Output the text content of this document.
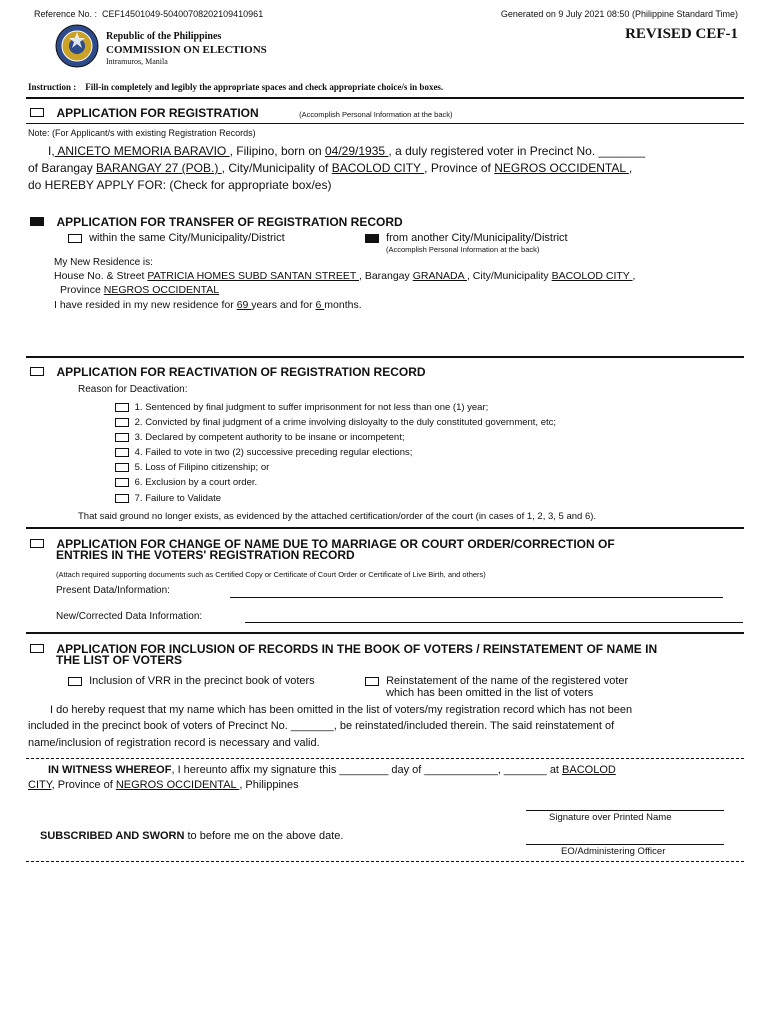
Reference No. : CEF14501049-50400708202109410961	Generated on 9 July 2021 08:50 (Philippine Standard Time)
Republic of the Philippines
COMMISSION ON ELECTIONS
Intramuros, Manila
REVISED CEF-1
Instruction : Fill-in completely and legibly the appropriate spaces and check appropriate choice/s in boxes.
APPLICATION FOR REGISTRATION	(Accomplish Personal Information at the back)
Note: (For Applicant/s with existing Registration Records)
I, ANICETO MEMORIA BARAVIO , Filipino, born on 04/29/1935 , a duly registered voter in Precinct No. _______
of Barangay BARANGAY 27 (POB.) , City/Municipality of BACOLOD CITY , Province of NEGROS OCCIDENTAL ,
do HEREBY APPLY FOR: (Check for appropriate box/es)
APPLICATION FOR TRANSFER OF REGISTRATION RECORD
within the same City/Municipality/District	from another City/Municipality/District
(Accomplish Personal Information at the back)
My New Residence is:
House No. & Street PATRICIA HOMES SUBD SANTAN STREET , Barangay GRANADA , City/Municipality BACOLOD CITY ,
Province NEGROS OCCIDENTAL
I have resided in my new residence for 69 years and for 6 months.
APPLICATION FOR REACTIVATION OF REGISTRATION RECORD
Reason for Deactivation:
1. Sentenced by final judgment to suffer imprisonment for not less than one (1) year;
2. Convicted by final judgment of a crime involving disloyalty to the duly constituted government, etc;
3. Declared by competent authority to be insane or incompetent;
4. Failed to vote in two (2) successive preceding regular elections;
5. Loss of Filipino citizenship; or
6. Exclusion by a court order.
7. Failure to Validate
That said ground no longer exists, as evidenced by the attached certification/order of the court (in cases of 1, 2, 3, 5 and 6).
APPLICATION FOR CHANGE OF NAME DUE TO MARRIAGE OR COURT ORDER/CORRECTION OF
ENTRIES IN THE VOTERS' REGISTRATION RECORD
(Attach required supporting documents such as Certified Copy or Certificate of Court Order or Certificate of Live Birth, and others)
Present Data/Information:
New/Corrected Data Information:
APPLICATION FOR INCLUSION OF RECORDS IN THE BOOK OF VOTERS / REINSTATEMENT OF NAME IN
THE LIST OF VOTERS
Inclusion of VRR in the precinct book of voters	Reinstatement of the name of the registered voter
which has been omitted in the list of voters
I do hereby request that my name which has been omitted in the list of voters/my registration record which has not been
included in the precinct book of voters of Precinct No. _______, be reinstated/included therein. The said reinstatement of
name/inclusion of registration record is necessary and valid.
IN WITNESS WHEREOF, I hereunto affix my signature this ________ day of ____________, _______ at BACOLOD
CITY, Province of NEGROS OCCIDENTAL , Philippines
Signature over Printed Name
SUBSCRIBED AND SWORN to before me on the above date.
EO/Administering Officer
